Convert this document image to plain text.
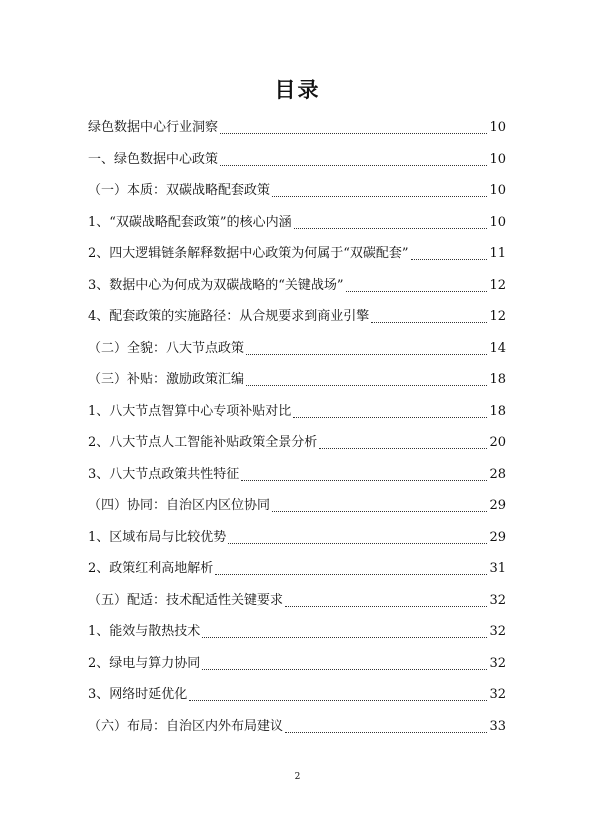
目录
绿色数据中心行业洞察	10
一、绿色数据中心政策	10
（一）本质：双碳战略配套政策	10
1、“双碳战略配套政策”的核心内涵	10
2、四大逻辑链条解释数据中心政策为何属于“双碳配套”	11
3、数据中心为何成为双碳战略的“关键战场”	12
4、配套政策的实施路径：从合规要求到商业引擎	12
（二）全貌：八大节点政策	14
（三）补贴：激励政策汇编	18
1、八大节点智算中心专项补贴对比	18
2、八大节点人工智能补贴政策全景分析	20
3、八大节点政策共性特征	28
（四）协同：自治区内区位协同	29
1、区域布局与比较优势	29
2、政策红利高地解析	31
（五）配适：技术配适性关键要求	32
1、能效与散热技术	32
2、绿电与算力协同	32
3、网络时延优化	32
（六）布局：自治区内外布局建议	33
2
